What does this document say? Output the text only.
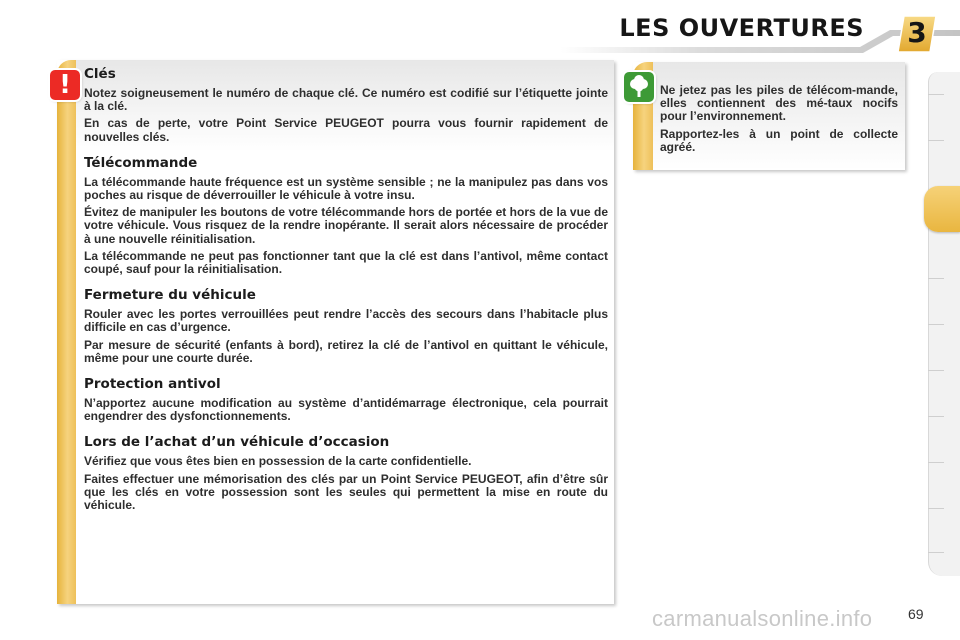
LES OUVERTURES	3
! Clés

Notez soigneusement le numéro de chaque clé. Ce numéro est codifié sur l’étiquette jointe à la clé.

En cas de perte, votre Point Service PEUGEOT pourra vous fournir rapidement de nouvelles clés.

Télécommande

La télécommande haute fréquence est un système sensible ; ne la manipulez pas dans vos poches au risque de déverrouiller le véhicule à votre insu.

Évitez de manipuler les boutons de votre télécommande hors de portée et hors de la vue de votre véhicule. Vous risquez de la rendre inopérante. Il serait alors nécessaire de procéder à une nouvelle réinitialisation.

La télécommande ne peut pas fonctionner tant que la clé est dans l’antivol, même contact coupé, sauf pour la réinitialisation.

Fermeture du véhicule

Rouler avec les portes verrouillées peut rendre l’accès des secours dans l’habitacle plus difficile en cas d’urgence.

Par mesure de sécurité (enfants à bord), retirez la clé de l’antivol en quittant le véhicule, même pour une courte durée.

Protection antivol

N’apportez aucune modification au système d’antidémarrage électronique, cela pourrait engendrer des dysfonctionnements.

Lors de l’achat d’un véhicule d’occasion

Vérifiez que vous êtes bien en possession de la carte confidentielle.

Faites effectuer une mémorisation des clés par un Point Service PEUGEOT, afin d’être sûr que les clés en votre possession sont les seules qui permettent la mise en route du véhicule.

Ne jetez pas les piles de télécom-mande, elles contiennent des mé-taux nocifs pour l’environnement.

Rapportez-les à un point de collecte agréé.

carmanualsonline.info	69
